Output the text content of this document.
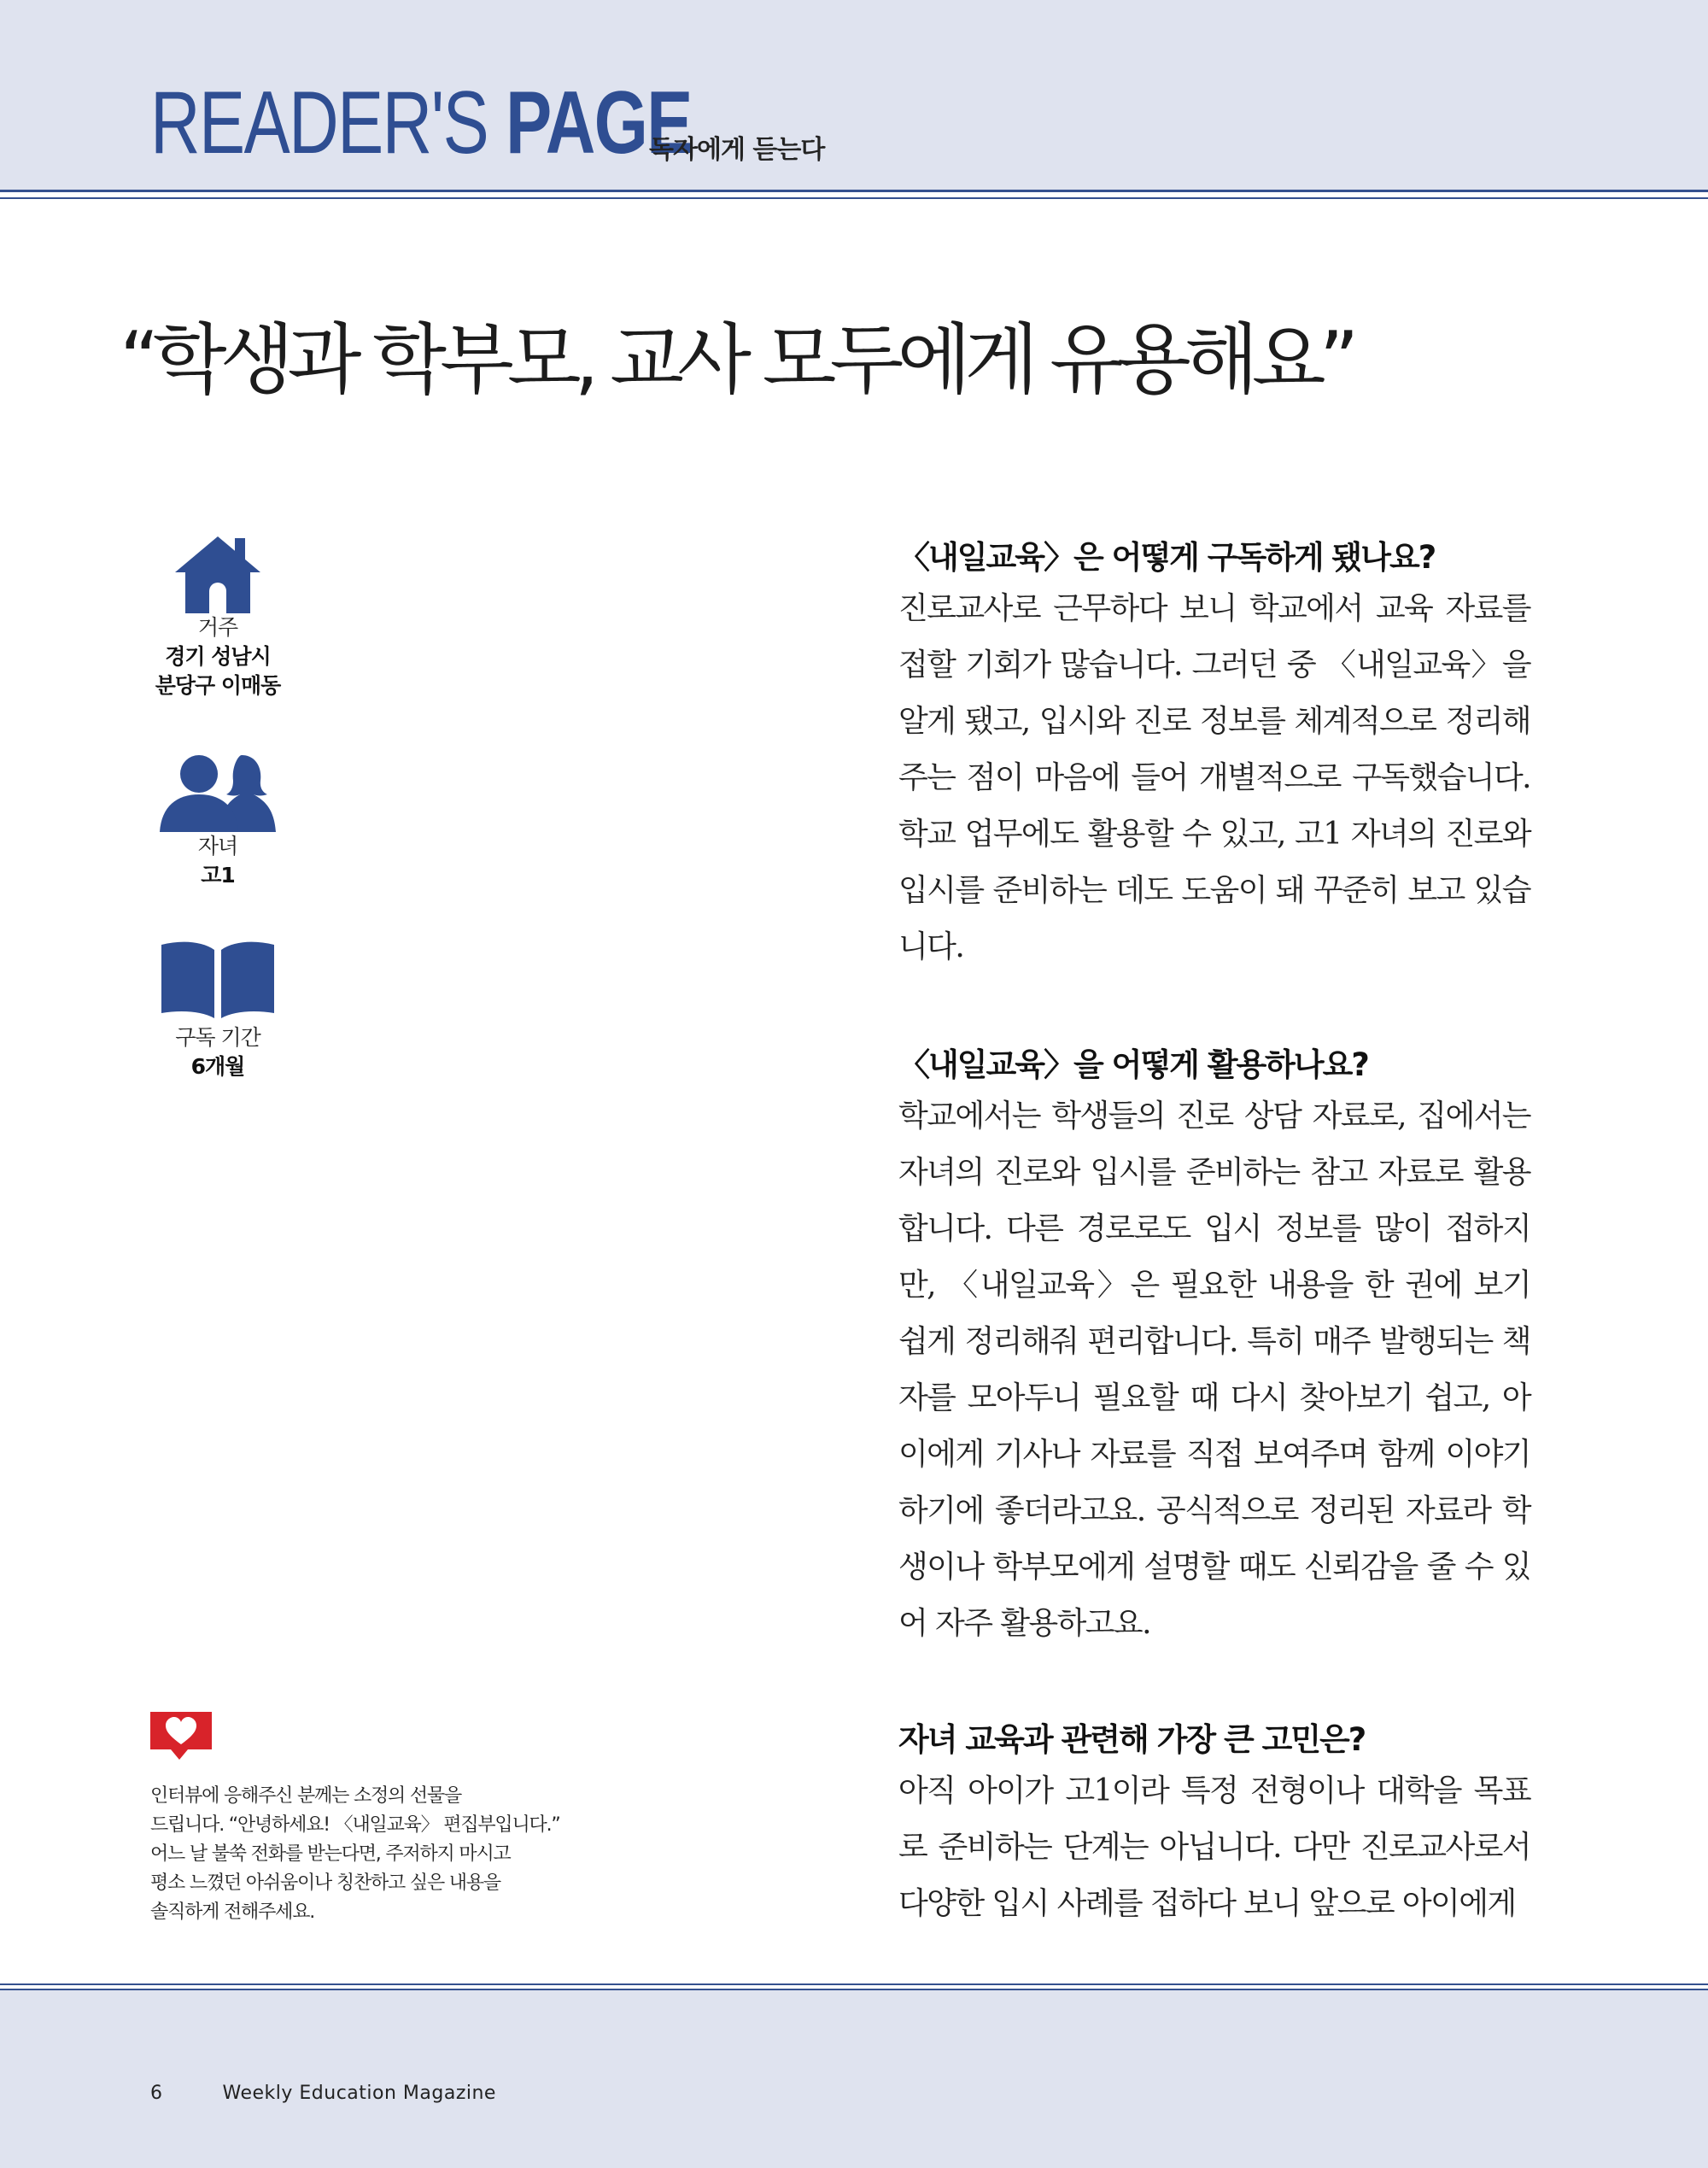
READER'S PAGE
독자에게 듣는다
“학생과 학부모, 교사 모두에게 유용해요”
거주
경기 성남시
분당구 이매동
자녀
고1
구독 기간
6개월

〈내일교육〉은 어떻게 구독하게 됐나요?

진로교사로 근무하다 보니 학교에서 교육 자료를 접할 기회가 많습니다. 그러던 중 〈내일교육〉을 알게 됐고, 입시와 진로 정보를 체계적으로 정리해주는 점이 마음에 들어 개별적으로 구독했습니다. 학교 업무에도 활용할 수 있고, 고1 자녀의 진로와 입시를 준비하는 데도 도움이 돼 꾸준히 보고 있습니다.

〈내일교육〉을 어떻게 활용하나요?

학교에서는 학생들의 진로 상담 자료로, 집에서는 자녀의 진로와 입시를 준비하는 참고 자료로 활용합니다. 다른 경로로도 입시 정보를 많이 접하지만, 〈내일교육〉은 필요한 내용을 한 권에 보기 쉽게 정리해줘 편리합니다. 특히 매주 발행되는 책자를 모아두니 필요할 때 다시 찾아보기 쉽고, 아이에게 기사나 자료를 직접 보여주며 함께 이야기하기에 좋더라고요. 공식적으로 정리된 자료라 학생이나 학부모에게 설명할 때도 신뢰감을 줄 수 있어 자주 활용하고요.

자녀 교육과 관련해 가장 큰 고민은?

아직 아이가 고1이라 특정 전형이나 대학을 목표로 준비하는 단계는 아닙니다. 다만 진로교사로서 다양한 입시 사례를 접하다 보니 앞으로 아이에게

인터뷰에 응해주신 분께는 소정의 선물을
드립니다. “안녕하세요! 〈내일교육〉 편집부입니다.”
어느 날 불쑥 전화를 받는다면, 주저하지 마시고
평소 느꼈던 아쉬움이나 칭찬하고 싶은 내용을
솔직하게 전해주세요.
6	Weekly Education Magazine
